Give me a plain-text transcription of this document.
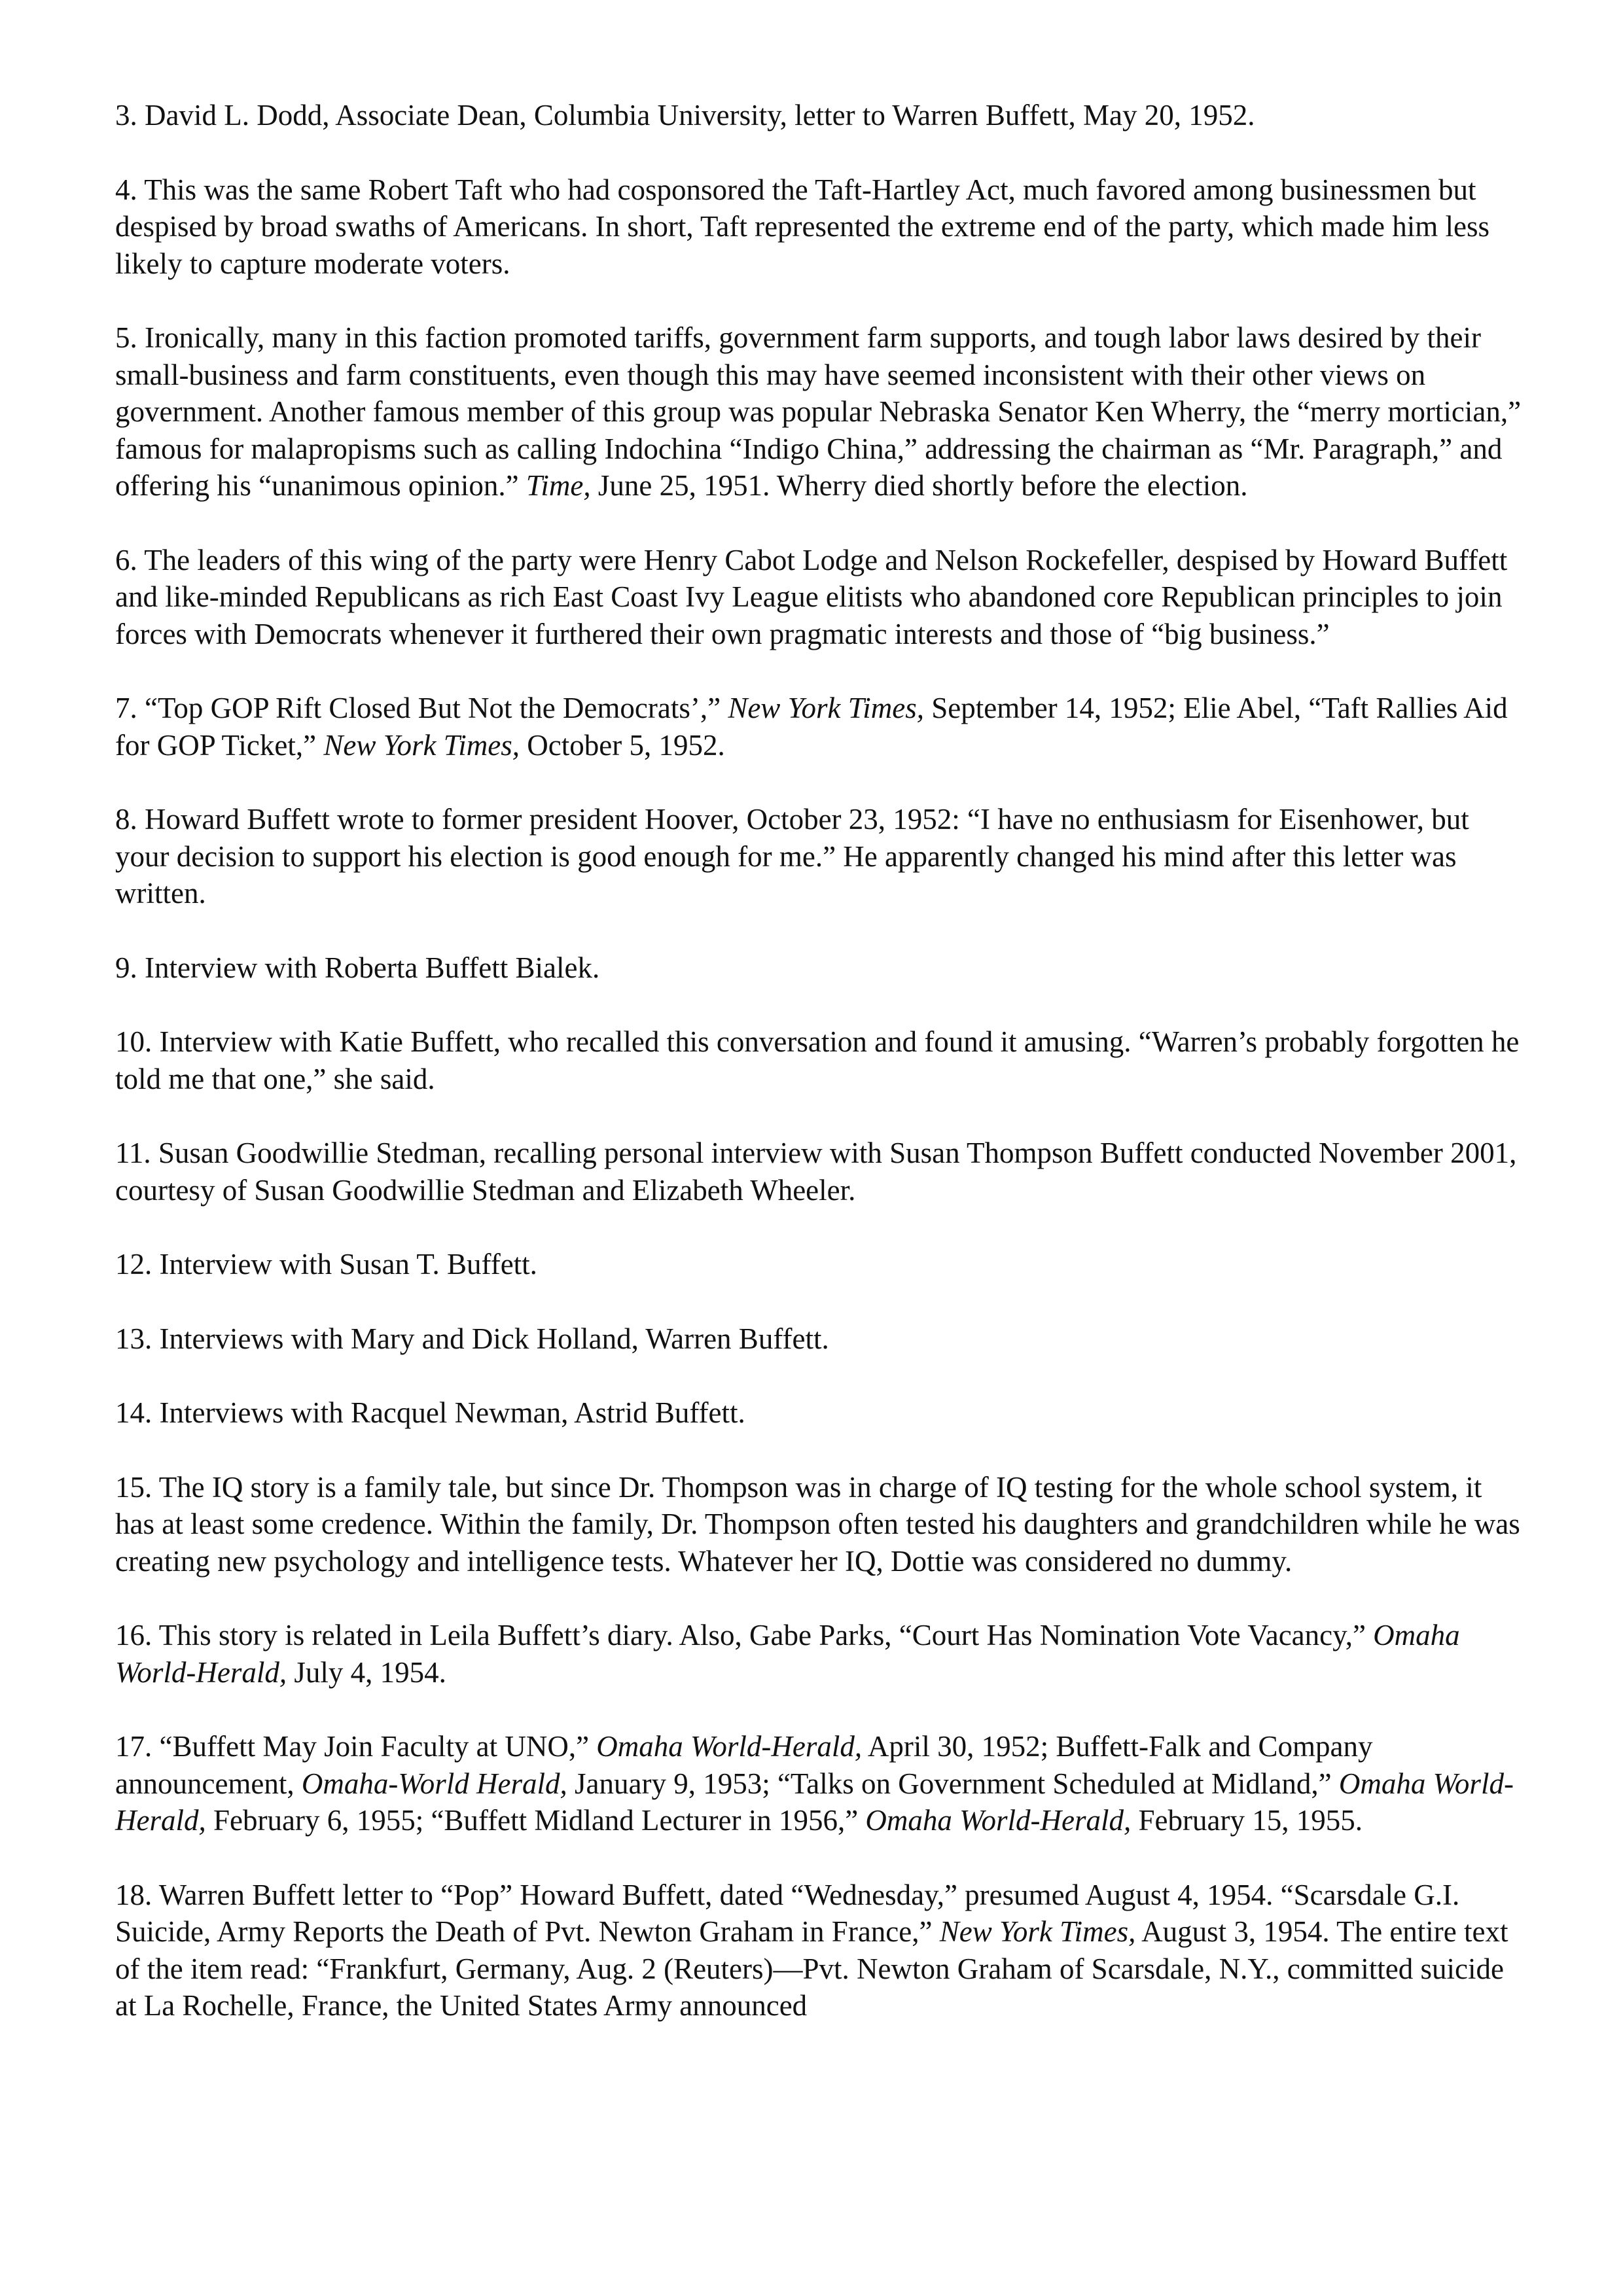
3. David L. Dodd, Associate Dean, Columbia University, letter to Warren Buffett, May 20, 1952.

4. This was the same Robert Taft who had cosponsored the Taft-Hartley Act, much favored among businessmen but despised by broad swaths of Americans. In short, Taft represented the extreme end of the party, which made him less likely to capture moderate voters.

5. Ironically, many in this faction promoted tariffs, government farm supports, and tough labor laws desired by their small-business and farm constituents, even though this may have seemed inconsistent with their other views on government. Another famous member of this group was popular Nebraska Senator Ken Wherry, the “merry mortician,” famous for malapropisms such as calling Indochina “Indigo China,” addressing the chairman as “Mr. Paragraph,” and offering his “unanimous opinion.” Time, June 25, 1951. Wherry died shortly before the election.

6. The leaders of this wing of the party were Henry Cabot Lodge and Nelson Rockefeller, despised by Howard Buffett and like-minded Republicans as rich East Coast Ivy League elitists who abandoned core Republican principles to join forces with Democrats whenever it furthered their own pragmatic interests and those of “big business.”

7. “Top GOP Rift Closed But Not the Democrats’,” New York Times, September 14, 1952; Elie Abel, “Taft Rallies Aid for GOP Ticket,” New York Times, October 5, 1952.

8. Howard Buffett wrote to former president Hoover, October 23, 1952: “I have no enthusiasm for Eisenhower, but your decision to support his election is good enough for me.” He apparently changed his mind after this letter was written.

9. Interview with Roberta Buffett Bialek.

10. Interview with Katie Buffett, who recalled this conversation and found it amusing. “Warren’s probably forgotten he told me that one,” she said.

11. Susan Goodwillie Stedman, recalling personal interview with Susan Thompson Buffett conducted November 2001, courtesy of Susan Goodwillie Stedman and Elizabeth Wheeler.

12. Interview with Susan T. Buffett.

13. Interviews with Mary and Dick Holland, Warren Buffett.

14. Interviews with Racquel Newman, Astrid Buffett.

15. The IQ story is a family tale, but since Dr. Thompson was in charge of IQ testing for the whole school system, it has at least some credence. Within the family, Dr. Thompson often tested his daughters and grandchildren while he was creating new psychology and intelligence tests. Whatever her IQ, Dottie was considered no dummy.

16. This story is related in Leila Buffett’s diary. Also, Gabe Parks, “Court Has Nomination Vote Vacancy,” Omaha World-Herald, July 4, 1954.

17. “Buffett May Join Faculty at UNO,” Omaha World-Herald, April 30, 1952; Buffett-Falk and Company announcement, Omaha-World Herald, January 9, 1953; “Talks on Government Scheduled at Midland,” Omaha World-Herald, February 6, 1955; “Buffett Midland Lecturer in 1956,” Omaha World-Herald, February 15, 1955.

18. Warren Buffett letter to “Pop” Howard Buffett, dated “Wednesday,” presumed August 4, 1954. “Scarsdale G.I. Suicide, Army Reports the Death of Pvt. Newton Graham in France,” New York Times, August 3, 1954. The entire text of the item read: “Frankfurt, Germany, Aug. 2 (Reuters)—Pvt. Newton Graham of Scarsdale, N.Y., committed suicide at La Rochelle, France, the United States Army announced
